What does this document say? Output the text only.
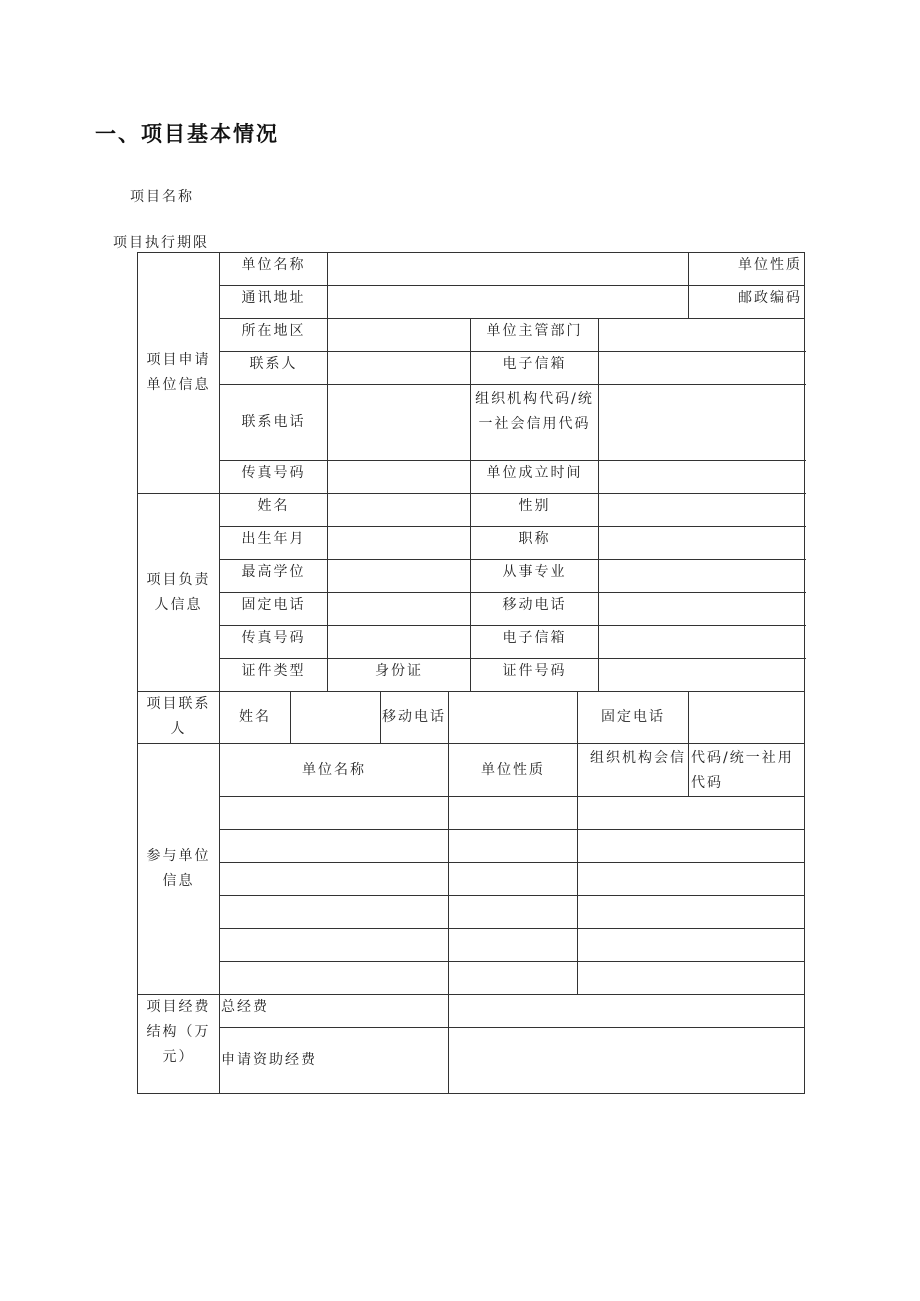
一、项目基本情况
项目名称
项目执行期限
项目申请单位信息	单位名称								单位性质	
	通讯地址								邮政编码	
	所在地区					单位主管部门				
	联系人					电子信箱				
	联系电话					组织机构代码/统一社会信用代码				
	传真号码					单位成立时间				
项目负责人信息	姓名					性别				
	出生年月					职称				
	最高学位					从事专业				
	固定电话					移动电话				
	传真号码					电子信箱				
	证件类型		身份证			证件号码				
项目联系人	姓名			移动电话			固定电话			
参与单位信息	单位名称				单位性质		组织机构会信		代码/统一社用代码	

项目经费结构（万元）	总经费									
	申请资助经费									
